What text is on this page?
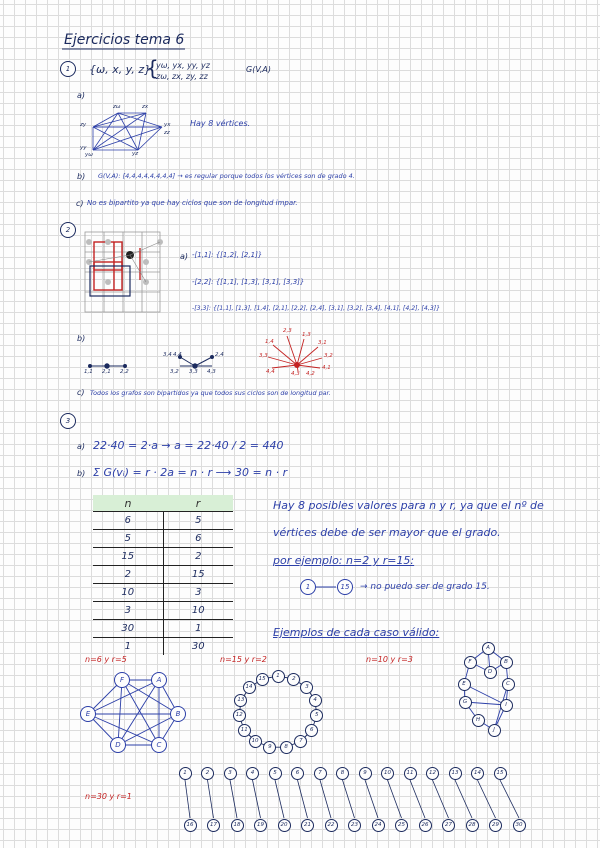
Ejercicios tema 6
1	{ω, x, y, z}
{
yω, yx, yy, yz
zω, zx, zy, zz
G(V,A)
a)
zω	zx
zy	yx
yy
yz
yω
zz
Hay 8 vértices.
b) G(V,A): [4,4,4,4,4,4,4,4] → es regular porque todos los vértices son de grado 4.
c) No es bipartito ya que hay ciclos que son de longitud impar.
2
a) -[1,1]: {[1,2], [2,1]}
-[2,2]: {[1,1], [1,3], [3,1], [3,3]}
-[3,3]: {[1,1], [1,3], [1,4], [2,1], [2,2], [2,4], [3,1], [3,2], [3,4], [4,1], [4,2], [4,3]}
b)
1,1 2,1 2,2
3,4	2,4
3,2 3,3 4,3
4,4
2,3
1,3
3,1
3,2
4,1
4,2
4,3
4,4
3,3
1,4
c) Todos los grafos son bipartidos ya que todos sus ciclos son de longitud par.
3
a) 22·40 = 2·a → a = 22·40 / 2 = 440
b) Σ G(vᵢ) = r · 2a = n · r ⟶ 30 = n · r
n	r
6	5
5	6
15	2
2	15
10	3
3	10
30	1
1	30
Hay 8 posibles valores para n y r, ya que el nº de
vértices debe de ser mayor que el grado.
por ejemplo: n=2 y r=15:
1	15	→ no puedo ser de grado 15.
Ejemplos de cada caso válido:
n=6 y r=5
F	A
B
C
D
E
n=15 y r=2
1
2
3
4
5
6
7
8
9
10
11
12
13
14
15
n=10 y r=3
A
B
C
D
E
F
G
H
I
J
n=30 y r=1
1
16
2
17
3
18
4
19
5
20
6
21
7
22
8
23
9
24
10
25
11
26
12
27
13
28
14
29
15
30
